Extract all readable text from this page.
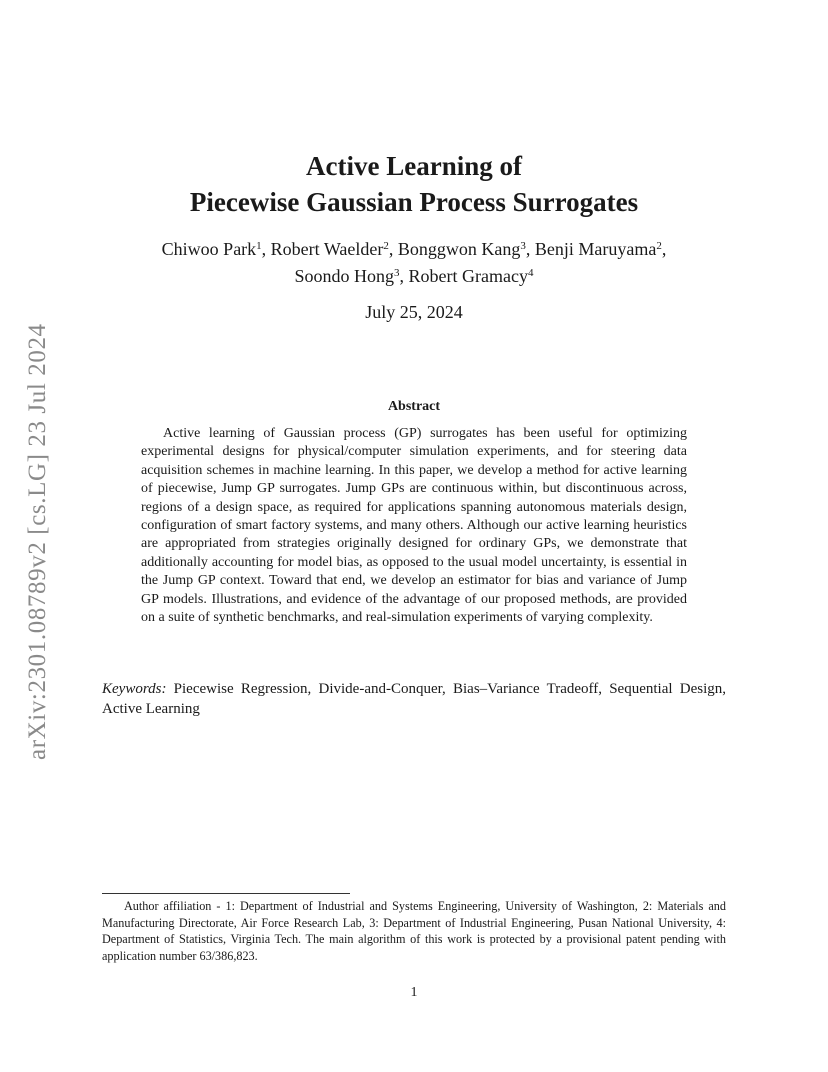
arXiv:2301.08789v2 [cs.LG] 23 Jul 2024
Active Learning of
Piecewise Gaussian Process Surrogates
Chiwoo Park$^1$, Robert Waelder$^2$, Bonggwon Kang$^3$, Benji Maruyama$^2$,
Soondo Hong$^3$, Robert Gramacy$^4$
July 25, 2024
Abstract

Active learning of Gaussian process (GP) surrogates has been useful for optimizing experimental designs for physical/computer simulation experiments, and for steering data acquisition schemes in machine learning. In this paper, we develop a method for active learning of piecewise, Jump GP surrogates. Jump GPs are continuous within, but discontinuous across, regions of a design space, as required for applications spanning autonomous materials design, configuration of smart factory systems, and many others. Although our active learning heuristics are appropriated from strategies originally designed for ordinary GPs, we demonstrate that additionally accounting for model bias, as opposed to the usual model uncertainty, is essential in the Jump GP context. Toward that end, we develop an estimator for bias and variance of Jump GP models. Illustrations, and evidence of the advantage of our proposed methods, are provided on a suite of synthetic benchmarks, and real-simulation experiments of varying complexity.

Keywords: Piecewise Regression, Divide-and-Conquer, Bias–Variance Tradeoff, Sequential Design, Active Learning

Author affiliation - 1: Department of Industrial and Systems Engineering, University of Washington, 2: Materials and Manufacturing Directorate, Air Force Research Lab, 3: Department of Industrial Engineering, Pusan National University, 4: Department of Statistics, Virginia Tech. The main algorithm of this work is protected by a provisional patent pending with application number 63/386,823.

1
